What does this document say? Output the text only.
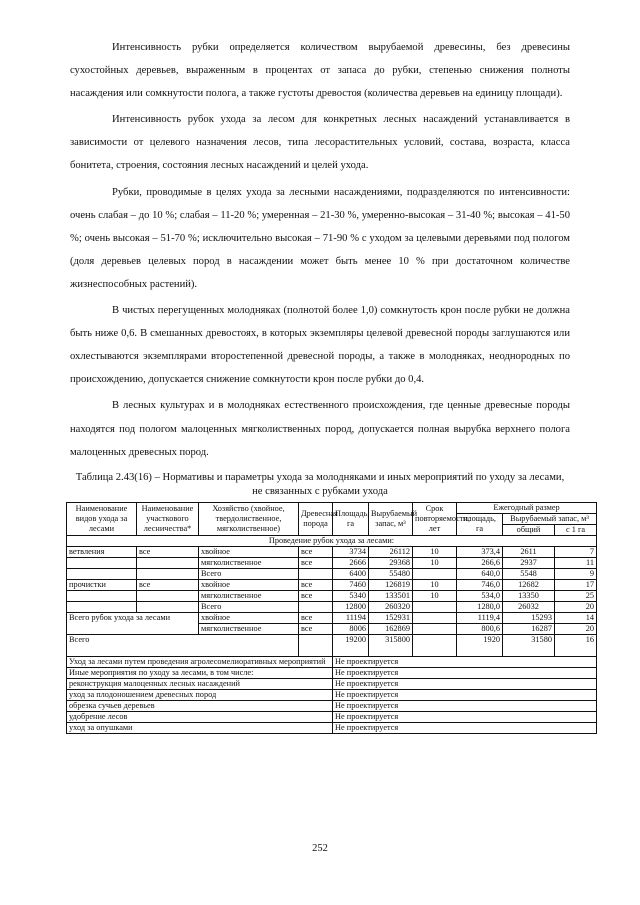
Интенсивность рубки определяется количеством вырубаемой древесины, без древесины сухостойных деревьев, выраженным в процентах от запаса до рубки, степенью снижения полноты насаждения или сомкнутости полога, а также густоты древостоя (количества деревьев на единицу площади).

Интенсивность рубок ухода за лесом для конкретных лесных насаждений устанавливается в зависимости от целевого назначения лесов, типа лесорастительных условий, состава, возраста, класса бонитета, строения, состояния лесных насаждений и целей ухода.

Рубки, проводимые в целях ухода за лесными насаждениями, подразделяются по интенсивности: очень слабая – до 10 %; слабая – 11-20 %; умеренная – 21-30 %, умеренно-высокая – 31-40 %; высокая – 41-50 %; очень высокая – 51-70 %; исключительно высокая – 71-90 % с уходом за целевыми деревьями под пологом (доля деревьев целевых пород в насаждении может быть менее 10 % при достаточном количестве жизнеспособных растений).

В чистых перегущенных молодняках (полнотой более 1,0) сомкнутость крон после рубки не должна быть ниже 0,6. В смешанных древостоях, в которых экземпляры целевой древесной породы заглушаются или охлестываются экземплярами второстепенной древесной породы, а также в молодняках, неоднородных по происхождению, допускается снижение сомкнутости крон после рубки до 0,4.

В лесных культурах и в молодняках естественного происхождения, где ценные древесные породы находятся под пологом малоценных мягколиственных пород, допускается полная вырубка верхнего полога малоценных древесных пород.

Таблица 2.43(16) – Нормативы и параметры ухода за молодняками и иных мероприятий по уходу за лесами, не связанных с рубками ухода
Наименование видов ухода за лесами	Наименование участкового лесничества*	Хозяйство (хвойное, твердолиственное, мягколиственное)	Древесная порода	Площадь, га	Вырубаемый запас, м³	Срок повторяемости, лет	Ежегодный размер		
							площадь, га	Вырубаемый запас, м³	
								общий	с 1 га
Проведение рубок ухода за лесами:									
ветвления	все	хвойное	все	3734	26112	10	373,4	2611	7
		мягколиственное	все	2666	29368	10	266,6	2937	11
		Всего		6400	55480		640,0	5548	9
прочистки	все	хвойное	все	7460	126819	10	746,0	12682	17
		мягколиственное	все	5340	133501	10	534,0	13350	25
		Всего		12800	260320		1280,0	26032	20
Всего рубок ухода за лесами		хвойное	все	11194	152931		1119,4	15293	14
		мягколиственное	все	8006	162869		800,6	16287	20
Всего				19200	315800		1920	31580	16
Уход за лесами путем проведения агролесомелиоративных мероприятий				Не проектируется					
Иные мероприятия по уходу за лесами, в том числе:				Не проектируется					
реконструкция малоценных лесных насаждений				Не проектируется					
уход за плодоношением древесных пород				Не проектируется					
обрезка сучьев деревьев				Не проектируется					
удобрение лесов				Не проектируется					
уход за опушками				Не проектируется					
252
